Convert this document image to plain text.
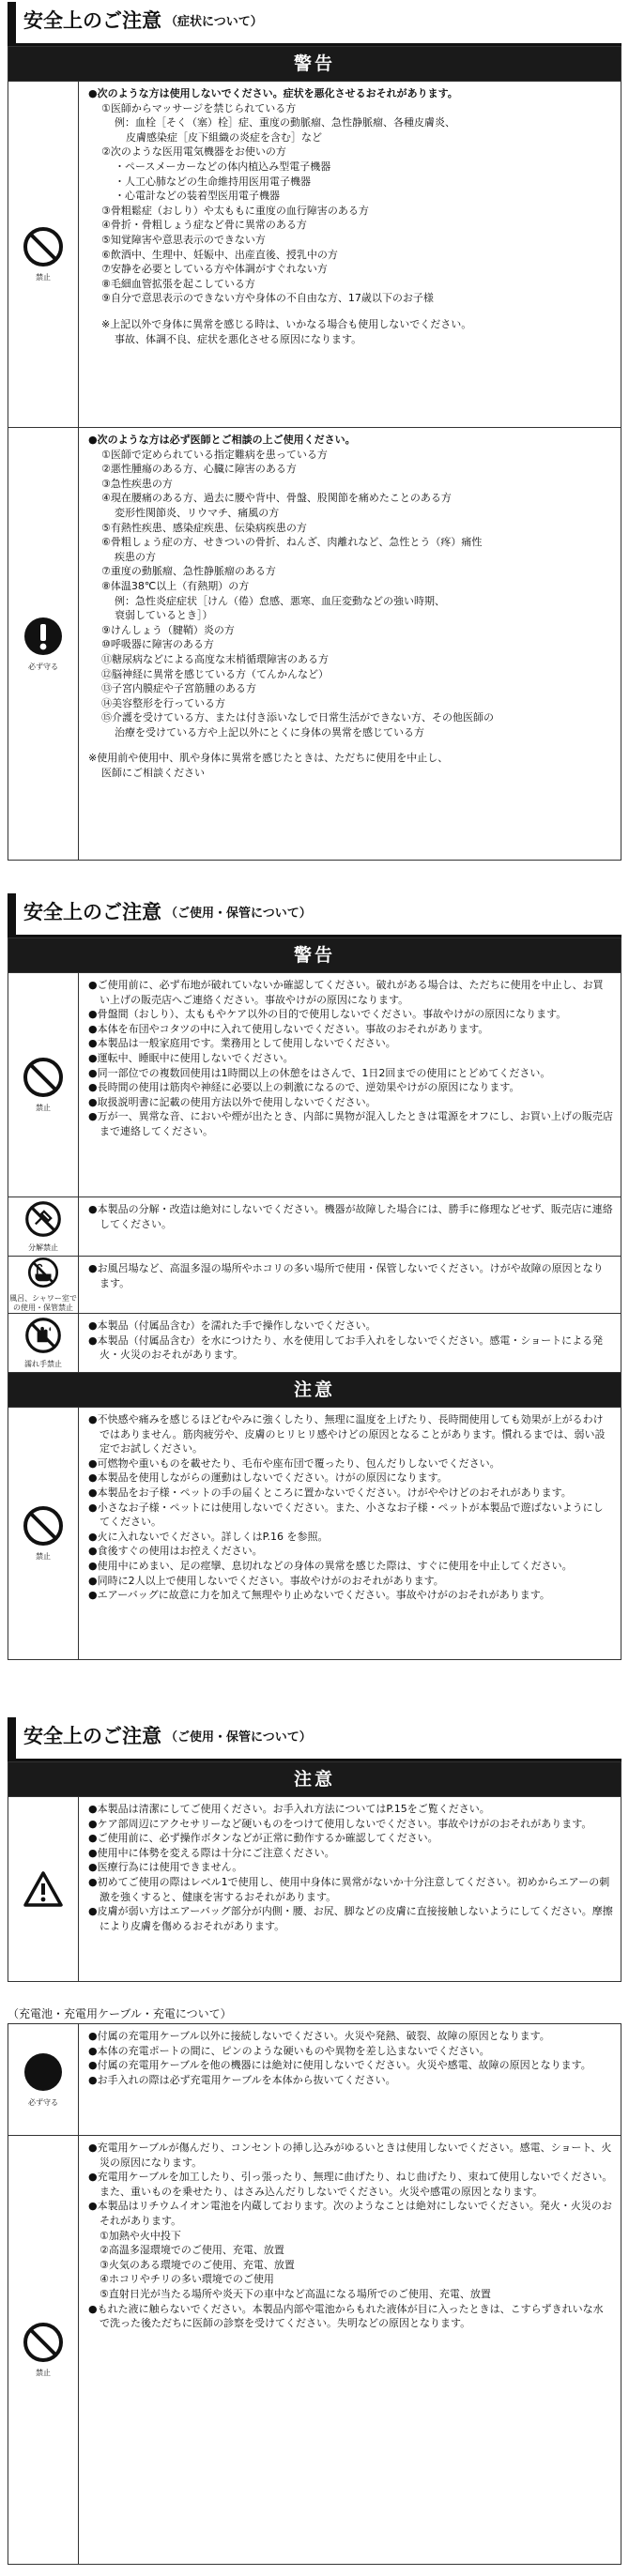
安全上のご注意 （症状について）
警告
禁止
●次のような方は使用しないでください。症状を悪化させるおそれがあります。
①医師からマッサージを禁じられている方
例：血栓［そく（塞）栓］症、重度の動脈瘤、急性静脈瘤、各種皮膚炎、
皮膚感染症［皮下組織の炎症を含む］など
②次のような医用電気機器をお使いの方
・ペースメーカーなどの体内植込み型電子機器
・人工心肺などの生命維持用医用電子機器
・心電計などの装着型医用電子機器
③骨粗鬆症（おしり）や太ももに重度の血行障害のある方
④骨折・骨粗しょう症など骨に異常のある方
⑤知覚障害や意思表示のできない方
⑥飲酒中、生理中、妊娠中、出産直後、授乳中の方
⑦安静を必要としている方や体調がすぐれない方
⑧毛細血管拡張を起こしている方
⑨自分で意思表示のできない方や身体の不自由な方、17歳以下のお子様
※上記以外で身体に異常を感じる時は、いかなる場合も使用しないでください。
事故、体調不良、症状を悪化させる原因になります。
必ず守る
●次のような方は必ず医師とご相談の上ご使用ください。
①医師で定められている指定難病を患っている方
②悪性腫瘍のある方、心臓に障害のある方
③急性疾患の方
④現在腰痛のある方、過去に腰や背中、骨盤、股関節を痛めたことのある方
変形性関節炎、リウマチ、痛風の方
⑤有熱性疾患、感染症疾患、伝染病疾患の方
⑥骨粗しょう症の方、せきついの骨折、ねんざ、肉離れなど、急性とう（疼）痛性
疾患の方
⑦重度の動脈瘤、急性静脈瘤のある方
⑧体温38℃以上（有熱期）の方
例：急性炎症症状［けん（倦）怠感、悪寒、血圧変動などの強い時期、
衰弱しているとき］）
⑨けんしょう（腱鞘）炎の方
⑩呼吸器に障害のある方
⑪糖尿病などによる高度な末梢循環障害のある方
⑫脳神経に異常を感じている方（てんかんなど）
⑬子宮内膜症や子宮筋腫のある方
⑭美容整形を行っている方
⑮介護を受けている方、または付き添いなしで日常生活ができない方、その他医師の
治療を受けている方や上記以外にとくに身体の異常を感じている方
※使用前や使用中、肌や身体に異常を感じたときは、ただちに使用を中止し、
医師にご相談ください
安全上のご注意 （ご使用・保管について）
警告
禁止
●ご使用前に、必ず布地が破れていないか確認してください。破れがある場合は、ただちに使用を中止し、お買い上げの販売店へご連絡ください。事故やけがの原因になります。
●骨盤間（おしり）、太ももやケア以外の目的で使用しないでください。事故やけがの原因になります。
●本体を布団やコタツの中に入れて使用しないでください。事故のおそれがあります。
●本製品は一般家庭用です。業務用として使用しないでください。
●運転中、睡眠中に使用しないでください。
●同一部位での複数回使用は1時間以上の休憩をはさんで、1日2回までの使用にとどめてください。
●長時間の使用は筋肉や神経に必要以上の刺激になるので、逆効果やけがの原因になります。
●取扱説明書に記載の使用方法以外で使用しないでください。
●万が一、異常な音、においや煙が出たとき、内部に異物が混入したときは電源をオフにし、お買い上げの販売店まで連絡してください。
分解禁止
●本製品の分解・改造は絶対にしないでください。機器が故障した場合には、勝手に修理などせず、販売店に連絡してください。
風呂、シャワー室で
の使用・保管禁止
●お風呂場など、高温多湿の場所やホコリの多い場所で使用・保管しないでください。けがや故障の原因となります。
濡れ手禁止
●本製品（付属品含む）を濡れた手で操作しないでください。
●本製品（付属品含む）を水につけたり、水を使用してお手入れをしないでください。感電・ショートによる発火・火災のおそれがあります。
注意
禁止
●不快感や痛みを感じるほどむやみに強くしたり、無理に温度を上げたり、長時間使用しても効果が上がるわけではありません。筋肉疲労や、皮膚のヒリヒリ感やけどの原因となることがあります。慣れるまでは、弱い設定でお試しください。
●可燃物や重いものを載せたり、毛布や座布団で覆ったり、包んだりしないでください。
●本製品を使用しながらの運動はしないでください。けがの原因になります。
●本製品をお子様・ペットの手の届くところに置かないでください。けがややけどのおそれがあります。
●小さなお子様・ペットには使用しないでください。また、小さなお子様・ペットが本製品で遊ばないようにしてください。
●火に入れないでください。詳しくはP.16 を参照。
●食後すぐの使用はお控えください。
●使用中にめまい、足の痙攣、息切れなどの身体の異常を感じた際は、すぐに使用を中止してください。
●同時に2人以上で使用しないでください。事故やけがのおそれがあります。
●エアーバッグに故意に力を加えて無理やり止めないでください。事故やけがのおそれがあります。
安全上のご注意 （ご使用・保管について）
注意
●本製品は清潔にしてご使用ください。お手入れ方法についてはP.15をご覧ください。
●ケア部周辺にアクセサリーなど硬いものをつけて使用しないでください。事故やけがのおそれがあります。
●ご使用前に、必ず操作ボタンなどが正常に動作するか確認してください。
●使用中に体勢を変える際は十分にご注意ください。
●医療行為には使用できません。
●初めてご使用の際はレベル1で使用し、使用中身体に異常がないか十分注意してください。初めからエアーの刺激を強くすると、健康を害するおそれがあります。
●皮膚が弱い方はエアーバッグ部分が内側・腰、お尻、脚などの皮膚に直接接触しないようにしてください。摩擦により皮膚を傷めるおそれがあります。
（充電池・充電用ケーブル・充電について）
必ず守る
●付属の充電用ケーブル以外に接続しないでください。火災や発熱、破裂、故障の原因となります。
●本体の充電ポートの間に、ピンのような硬いものや異物を差し込まないでください。
●付属の充電用ケーブルを他の機器には絶対に使用しないでください。火災や感電、故障の原因となります。
●お手入れの際は必ず充電用ケーブルを本体から抜いてください。
禁止
●充電用ケーブルが傷んだり、コンセントの挿し込みがゆるいときは使用しないでください。感電、ショート、火災の原因になります。
●充電用ケーブルを加工したり、引っ張ったり、無理に曲げたり、ねじ曲げたり、束ねて使用しないでください。また、重いものを乗せたり、はさみ込んだりしないでください。火災や感電の原因となります。
●本製品はリチウムイオン電池を内蔵しております。次のようなことは絶対にしないでください。発火・火災のおそれがあります。
①加熱や火中投下
②高温多湿環境でのご使用、充電、放置
③火気のある環境でのご使用、充電、放置
④ホコリやチリの多い環境でのご使用
⑤直射日光が当たる場所や炎天下の車中など高温になる場所でのご使用、充電、放置
●もれた液に触らないでください。本製品内部や電池からもれた液体が目に入ったときは、こすらずきれいな水で洗った後ただちに医師の診察を受けてください。失明などの原因となります。
